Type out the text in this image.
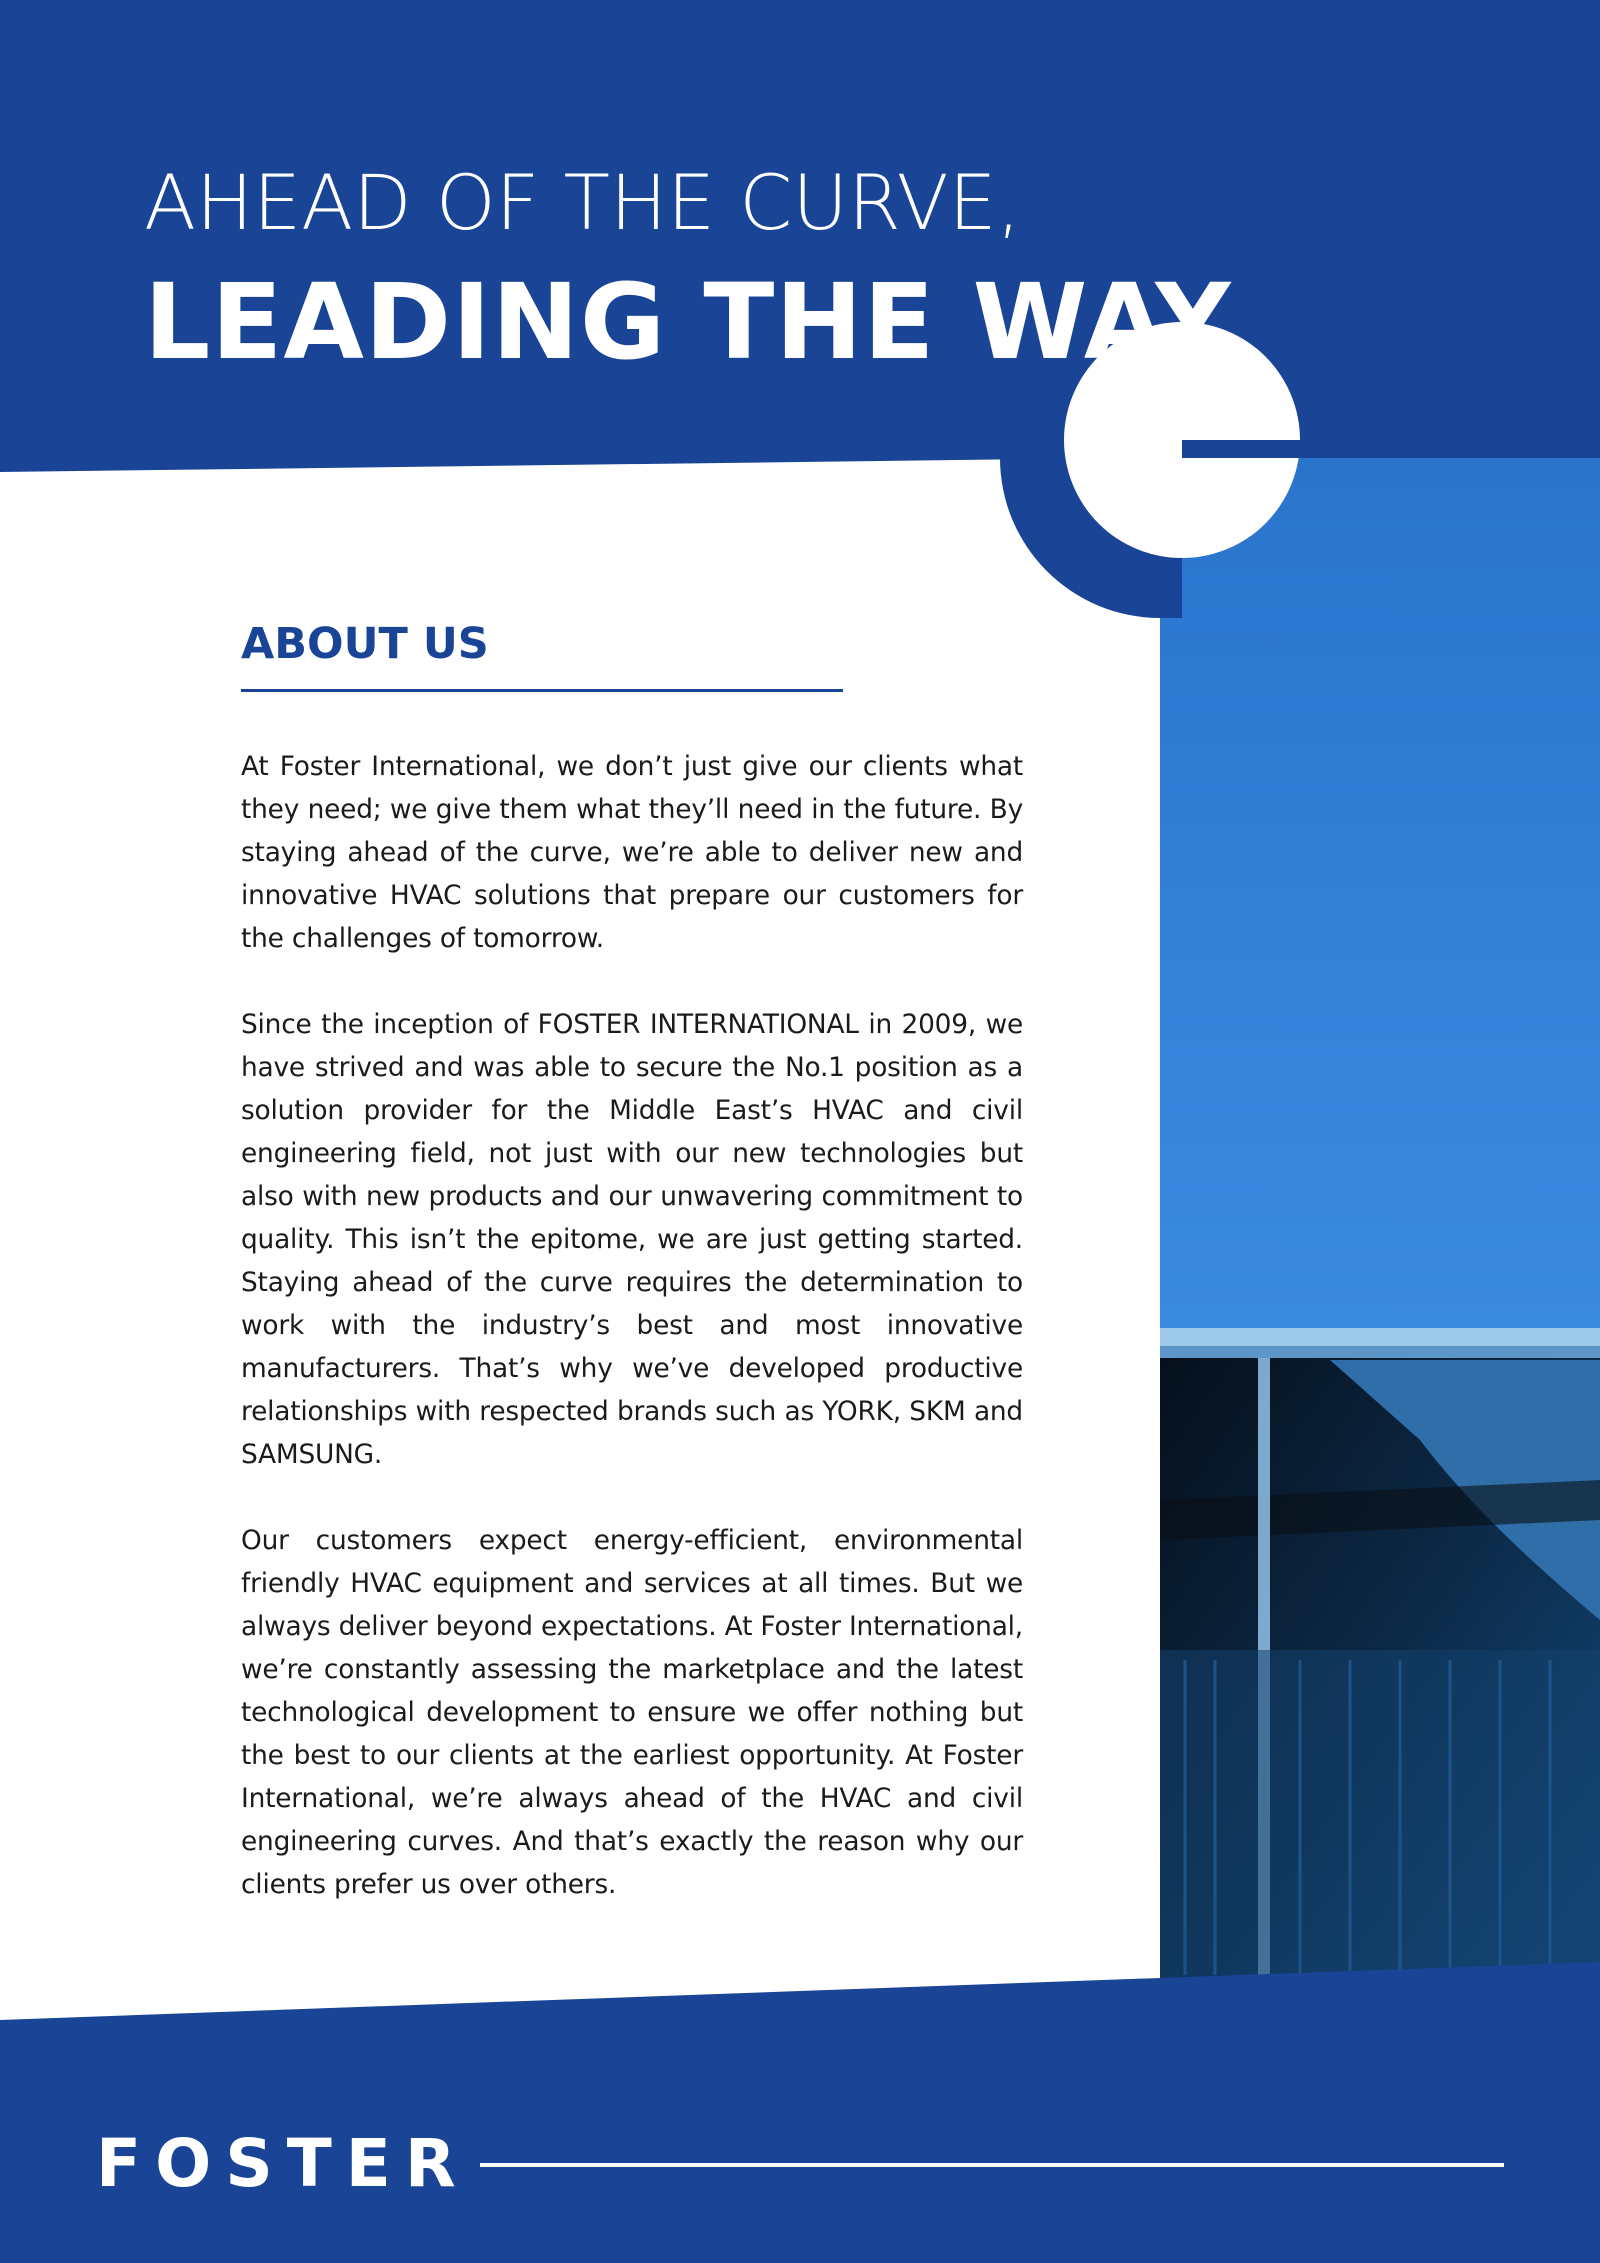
AHEAD OF THE CURVE,
LEADING THE WAY
ABOUT US

At Foster International, we don’t just give our clients what they need; we give them what they’ll need in the future. By staying ahead of the curve, we’re able to deliver new and innovative HVAC solutions that prepare our customers for the challenges of tomorrow.

Since the inception of FOSTER INTERNATIONAL in 2009, we have strived and was able to secure the No.1 position as a solution provider for the Middle East’s HVAC and civil engineering field, not just with our new technologies but also with new products and our unwavering commitment to quality. This isn’t the epitome, we are just getting started. Staying ahead of the curve requires the determination to work with the industry’s best and most innovative manufacturers. That’s why we’ve developed productive relationships with respected brands such as YORK, SKM and SAMSUNG.

Our customers expect energy-efficient, environmental friendly HVAC equipment and services at all times. But we always deliver beyond expectations. At Foster International, we’re constantly assessing the marketplace and the latest technological development to ensure we offer nothing but the best to our clients at the earliest opportunity. At Foster International, we’re always ahead of the HVAC and civil engineering curves. And that’s exactly the reason why our clients prefer us over others.

FOSTER
